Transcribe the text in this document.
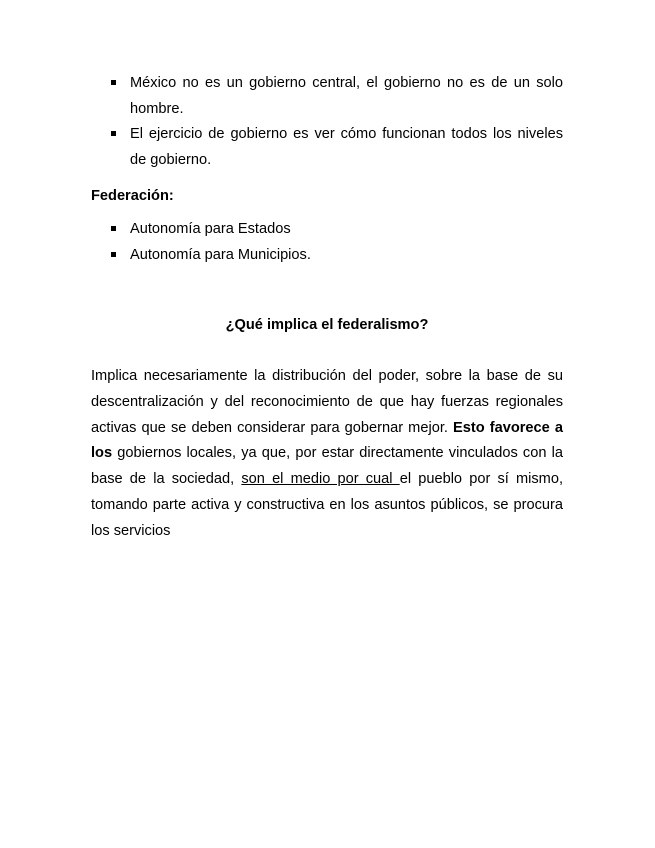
México no es un gobierno central, el gobierno no es de un solo hombre.
El ejercicio de gobierno es ver cómo funcionan todos los niveles de gobierno.
Federación:
Autonomía para Estados
Autonomía para Municipios.
¿Qué implica el federalismo?

Implica necesariamente la distribución del poder, sobre la base de su descentralización y del reconocimiento de que hay fuerzas regionales activas que se deben considerar para gobernar mejor. Esto favorece a los gobiernos locales, ya que, por estar directamente vinculados con la base de la sociedad, son el medio por cual el pueblo por sí mismo, tomando parte activa y constructiva en los asuntos públicos, se procura los servicios
